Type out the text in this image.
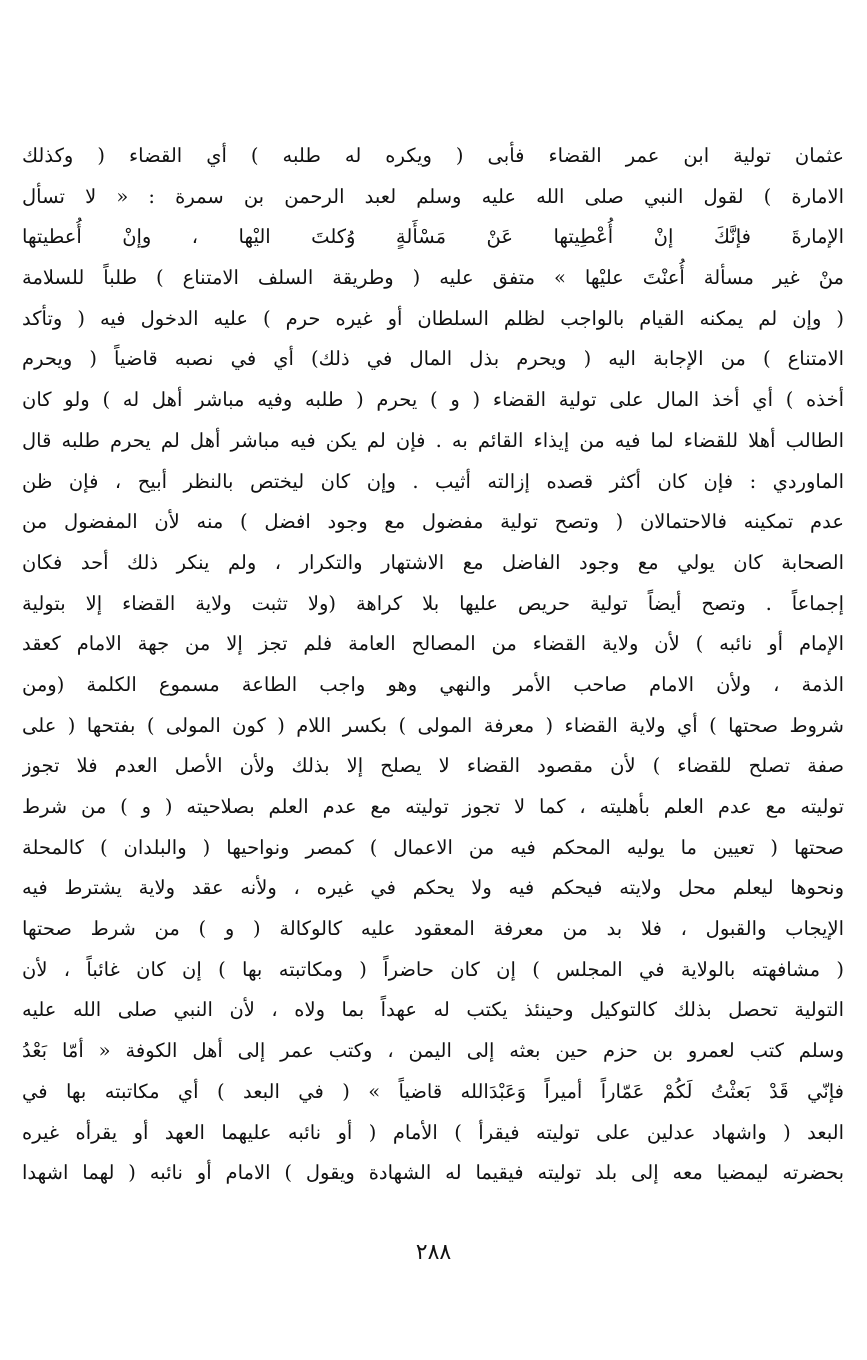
عثمان تولية ابن عمر القضاء فأبى ( ويكره له طلبه ) أي القضاء ( وكذلك
الامارة ) لقول النبي صلى الله عليه وسلم لعبد الرحمن بن سمرة : « لا تسأل
الإمارةَ فإنَّكَ إنْ أُعْطِيتها عَنْ مَسْأَلةٍ وُكلتَ اليْها ، وإنْ أُعطيتها
منْ غير مسألة أُعنْتَ عليْها » متفق عليه ( وطريقة السلف الامتناع ) طلباً للسلامة
( وإن لم يمكنه القيام بالواجب لظلم السلطان أو غيره حرم ) عليه الدخول فيه ( وتأكد
الامتناع ) من الإجابة اليه ( ويحرم بذل المال في ذلك) أي في نصبه قاضياً ( ويحرم
أخذه ) أي أخذ المال على تولية القضاء ( و ) يحرم ( طلبه وفيه مباشر أهل له ) ولو كان
الطالب أهلا للقضاء لما فيه من إيذاء القائم به . فإن لم يكن فيه مباشر أهل لم يحرم طلبه قال
الماوردي : فإن كان أكثر قصده إزالته أثيب . وإن كان ليختص بالنظر أبيح ، فإن ظن
عدم تمكينه فالاحتمالان ( وتصح تولية مفضول مع وجود افضل ) منه لأن المفضول من
الصحابة كان يولي مع وجود الفاضل مع الاشتهار والتكرار ، ولم ينكر ذلك أحد فكان
إجماعاً . وتصح أيضاً تولية حريص عليها بلا كراهة (ولا تثبت ولاية القضاء إلا بتولية
الإمام أو نائبه ) لأن ولاية القضاء من المصالح العامة فلم تجز إلا من جهة الامام كعقد
الذمة ، ولأن الامام صاحب الأمر والنهي وهو واجب الطاعة مسموع الكلمة (ومن
شروط صحتها ) أي ولاية القضاء ( معرفة المولى ) بكسر اللام ( كون المولى ) بفتحها ( على
صفة تصلح للقضاء ) لأن مقصود القضاء لا يصلح إلا بذلك ولأن الأصل العدم فلا تجوز
توليته مع عدم العلم بأهليته ، كما لا تجوز توليته مع عدم العلم بصلاحيته ( و ) من شرط
صحتها ( تعيين ما يوليه المحكم فيه من الاعمال ) كمصر ونواحيها ( والبلدان ) كالمحلة
ونحوها ليعلم محل ولايته فيحكم فيه ولا يحكم في غيره ، ولأنه عقد ولاية يشترط فيه
الإيجاب والقبول ، فلا بد من معرفة المعقود عليه كالوكالة ( و ) من شرط صحتها
( مشافهته بالولاية في المجلس ) إن كان حاضراً ( ومكاتبته بها ) إن كان غائباً ، لأن
التولية تحصل بذلك كالتوكيل وحينئذ يكتب له عهداً بما ولاه ، لأن النبي صلى الله عليه
وسلم كتب لعمرو بن حزم حين بعثه إلى اليمن ، وكتب عمر إلى أهل الكوفة « أمّا بَعْدُ
فإنّي قَدْ بَعثْتُ لَكُمْ عَمّاراً أميراً وَعَبْدَالله قاضياً » ( في البعد ) أي مكاتبته بها في
البعد ( واشهاد عدلين على توليته فيقرأ ) الأمام ( أو نائبه عليهما العهد أو يقرأه غيره
بحضرته ليمضيا معه إلى بلد توليته فيقيما له الشهادة ويقول ) الامام أو نائبه ( لهما اشهدا
٢٨٨
